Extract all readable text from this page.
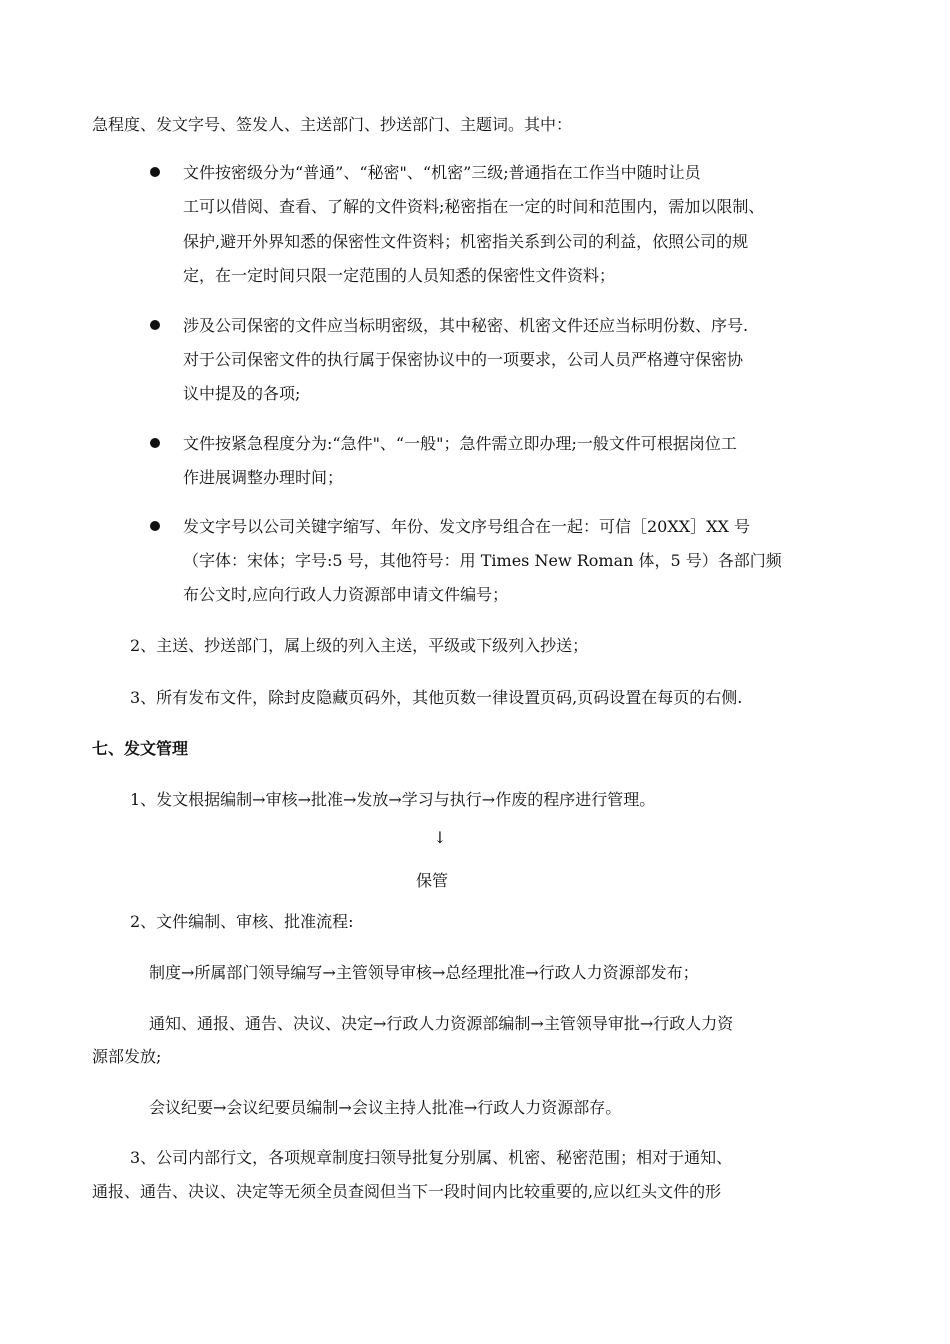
急程度、发文字号、签发人、主送部门、抄送部门、主题词。其中：
文件按密级分为“普通”、“秘密"、“机密”三级;普通指在工作当中随时让员
工可以借阅、查看、了解的文件资料;秘密指在一定的时间和范围内，需加以限制、
保护,避开外界知悉的保密性文件资料；机密指关系到公司的利益，依照公司的规
定，在一定时间只限一定范围的人员知悉的保密性文件资料；
涉及公司保密的文件应当标明密级，其中秘密、机密文件还应当标明份数、序号.
对于公司保密文件的执行属于保密协议中的一项要求，公司人员严格遵守保密协
议中提及的各项;
文件按紧急程度分为:“急件"、“一般"；急件需立即办理;一般文件可根据岗位工
作进展调整办理时间；
发文字号以公司关键字缩写、年份、发文序号组合在一起：可信［20XX］XX 号
（字体：宋体；字号:5 号，其他符号：用 Times New Roman 体，5 号）各部门频
布公文时,应向行政人力资源部申请文件编号；
2、主送、抄送部门，属上级的列入主送，平级或下级列入抄送；
3、所有发布文件，除封皮隐藏页码外，其他页数一律设置页码,页码设置在每页的右侧.
七、发文管理
1、发文根据编制→审核→批准→发放→学习与执行→作废的程序进行管理。
↓
保管
2、文件编制、审核、批准流程:
制度→所属部门领导编写→主管领导审核→总经理批准→行政人力资源部发布；
通知、通报、通告、决议、决定→行政人力资源部编制→主管领导审批→行政人力资
源部发放;
会议纪要→会议纪要员编制→会议主持人批准→行政人力资源部存。
3、公司内部行文，各项规章制度扫领导批复分别属、机密、秘密范围；相对于通知、
通报、通告、决议、决定等无须全员查阅但当下一段时间内比较重要的,应以红头文件的形
